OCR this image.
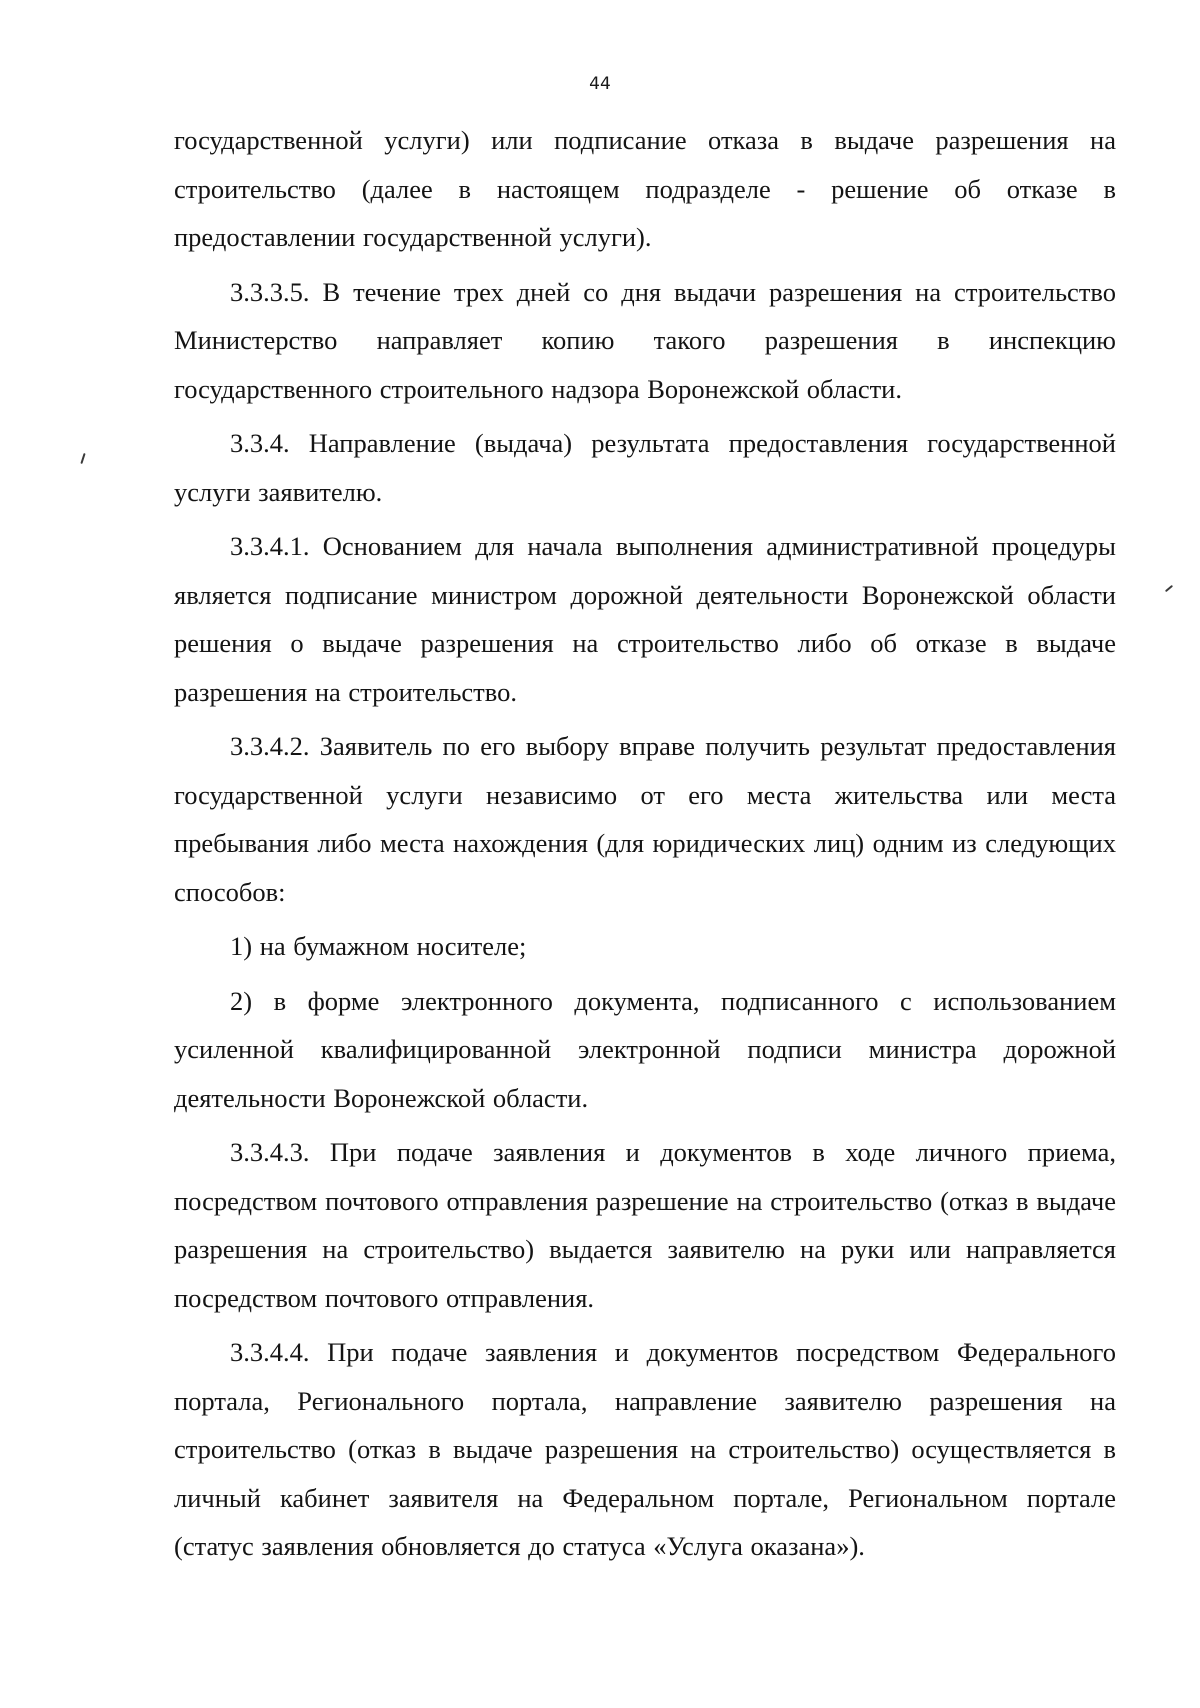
44

государственной услуги) или подписание отказа в выдаче разрешения на строительство (далее в настоящем подразделе - решение об отказе в предоставлении государственной услуги).

3.3.3.5. В течение трех дней со дня выдачи разрешения на строительство Министерство направляет копию такого разрешения в инспекцию государственного строительного надзора Воронежской области.

3.3.4. Направление (выдача) результата предоставления государственной услуги заявителю.

3.3.4.1. Основанием для начала выполнения административной процедуры является подписание министром дорожной деятельности Воронежской области решения о выдаче разрешения на строительство либо об отказе в выдаче разрешения на строительство.

3.3.4.2. Заявитель по его выбору вправе получить результат предоставления государственной услуги независимо от его места жительства или места пребывания либо места нахождения (для юридических лиц) одним из следующих способов:

1) на бумажном носителе;

2) в форме электронного документа, подписанного с использованием усиленной квалифицированной электронной подписи министра дорожной деятельности Воронежской области.

3.3.4.3. При подаче заявления и документов в ходе личного приема, посредством почтового отправления разрешение на строительство (отказ в выдаче разрешения на строительство) выдается заявителю на руки или направляется посредством почтового отправления.

3.3.4.4. При подаче заявления и документов посредством Федерального портала, Регионального портала, направление заявителю разрешения на строительство (отказ в выдаче разрешения на строительство) осуществляется в личный кабинет заявителя на Федеральном портале, Региональном портале (статус заявления обновляется до статуса «Услуга оказана»).
